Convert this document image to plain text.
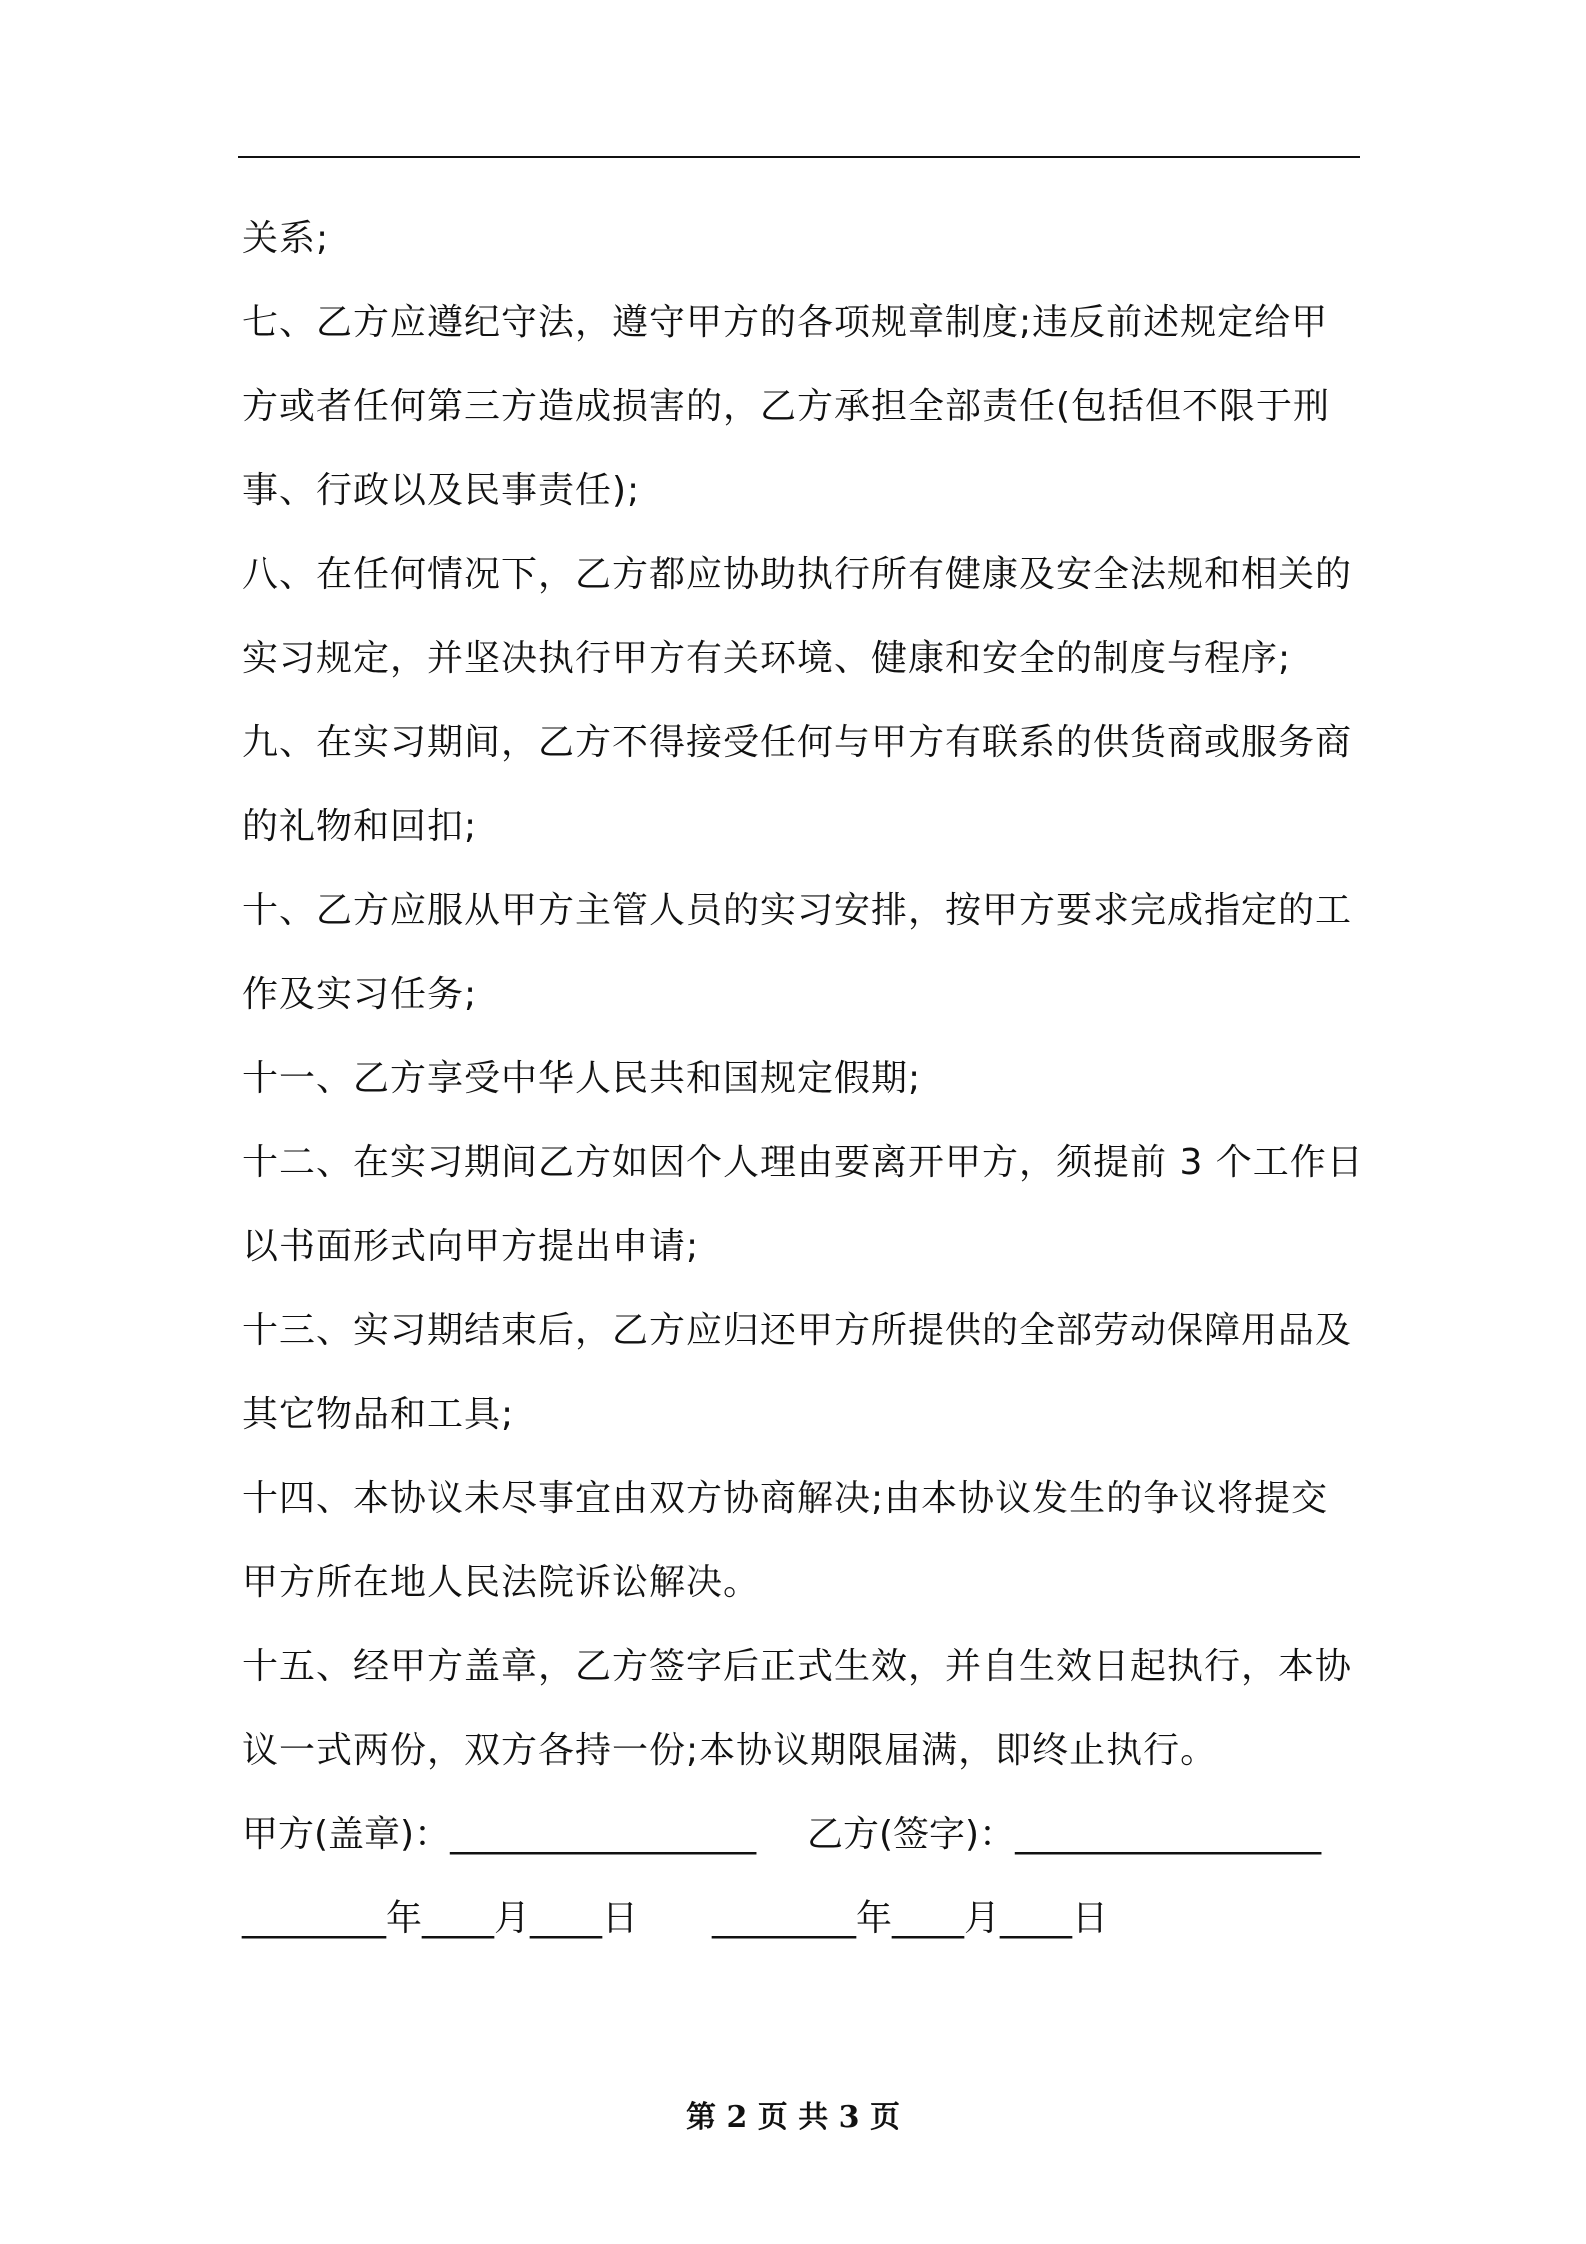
关系;
七、乙方应遵纪守法，遵守甲方的各项规章制度;违反前述规定给甲
方或者任何第三方造成损害的，乙方承担全部责任(包括但不限于刑
事、行政以及民事责任);
八、在任何情况下，乙方都应协助执行所有健康及安全法规和相关的
实习规定，并坚决执行甲方有关环境、健康和安全的制度与程序;
九、在实习期间，乙方不得接受任何与甲方有联系的供货商或服务商
的礼物和回扣;
十、乙方应服从甲方主管人员的实习安排，按甲方要求完成指定的工
作及实习任务;
十一、乙方享受中华人民共和国规定假期;
十二、在实习期间乙方如因个人理由要离开甲方，须提前 3 个工作日
以书面形式向甲方提出申请;
十三、实习期结束后，乙方应归还甲方所提供的全部劳动保障用品及
其它物品和工具;
十四、本协议未尽事宜由双方协商解决;由本协议发生的争议将提交
甲方所在地人民法院诉讼解决。
十五、经甲方盖章，乙方签字后正式生效，并自生效日起执行，本协
议一式两份，双方各持一份;本协议期限届满，即终止执行。
甲方(盖章)：_________________ 乙方(签字)：_________________
________年____月____日 ________年____月____日
第 2 页 共 3 页
